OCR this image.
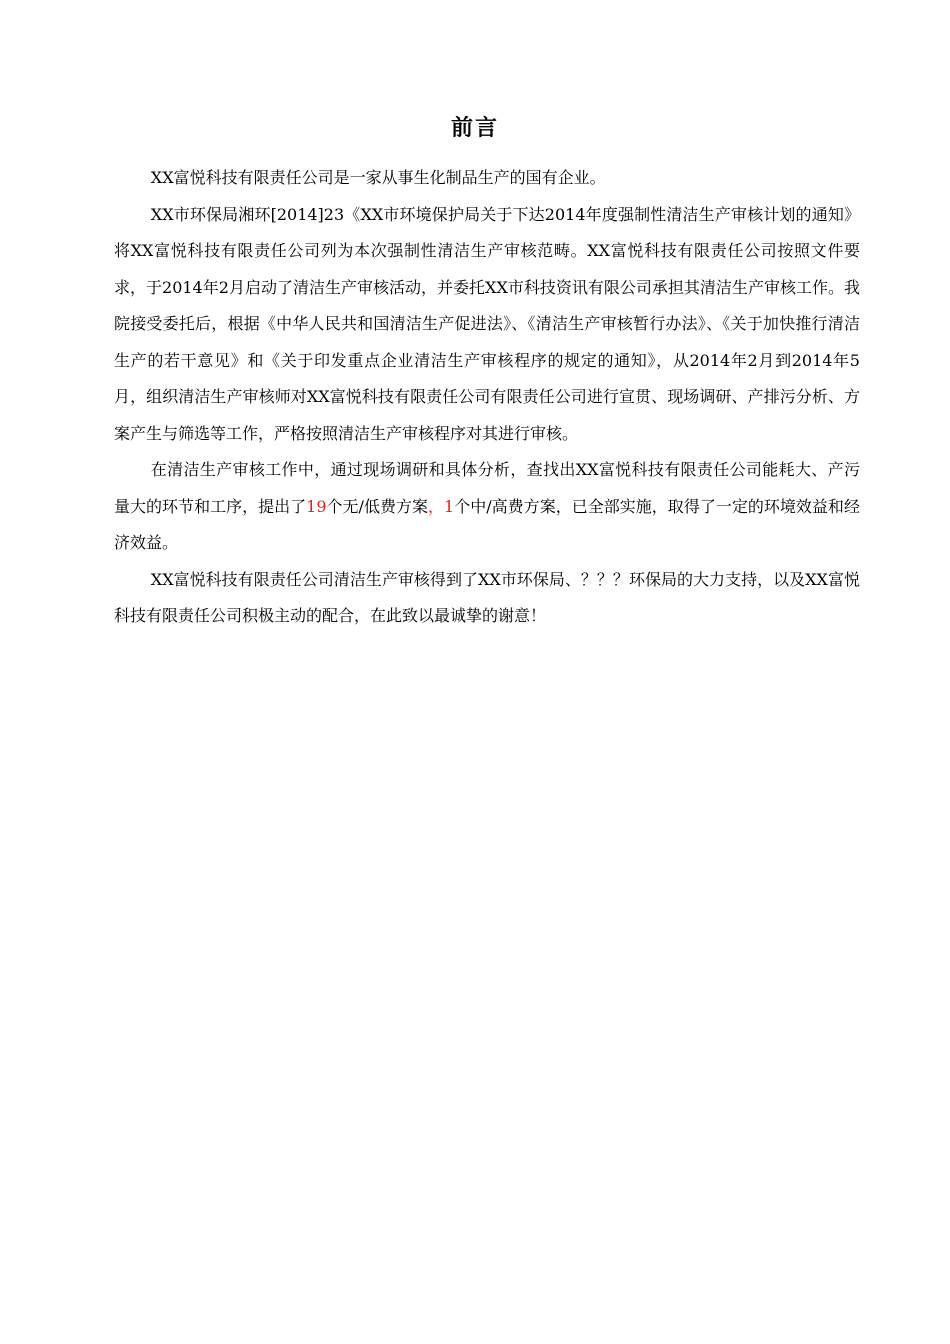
前言

XX富悦科技有限责任公司是一家从事生化制品生产的国有企业。

XX市环保局湘环[2014]23《XX市环境保护局关于下达2014年度强制性清洁生产审核计划的通知》将XX富悦科技有限责任公司列为本次强制性清洁生产审核范畴。XX富悦科技有限责任公司按照文件要求，于2014年2月启动了清洁生产审核活动，并委托XX市科技资讯有限公司承担其清洁生产审核工作。我院接受委托后，根据《中华人民共和国清洁生产促进法》、《清洁生产审核暂行办法》、《关于加快推行清洁生产的若干意见》和《关于印发重点企业清洁生产审核程序的规定的通知》，从2014年2月到2014年5月，组织清洁生产审核师对XX富悦科技有限责任公司有限责任公司进行宣贯、现场调研、产排污分析、方案产生与筛选等工作，严格按照清洁生产审核程序对其进行审核。

在清洁生产审核工作中，通过现场调研和具体分析，查找出XX富悦科技有限责任公司能耗大、产污量大的环节和工序，提出了19个无/低费方案，1个中/高费方案，已全部实施，取得了一定的环境效益和经济效益。

XX富悦科技有限责任公司清洁生产审核得到了XX市环保局、？？？环保局的大力支持，以及XX富悦科技有限责任公司积极主动的配合，在此致以最诚挚的谢意！
